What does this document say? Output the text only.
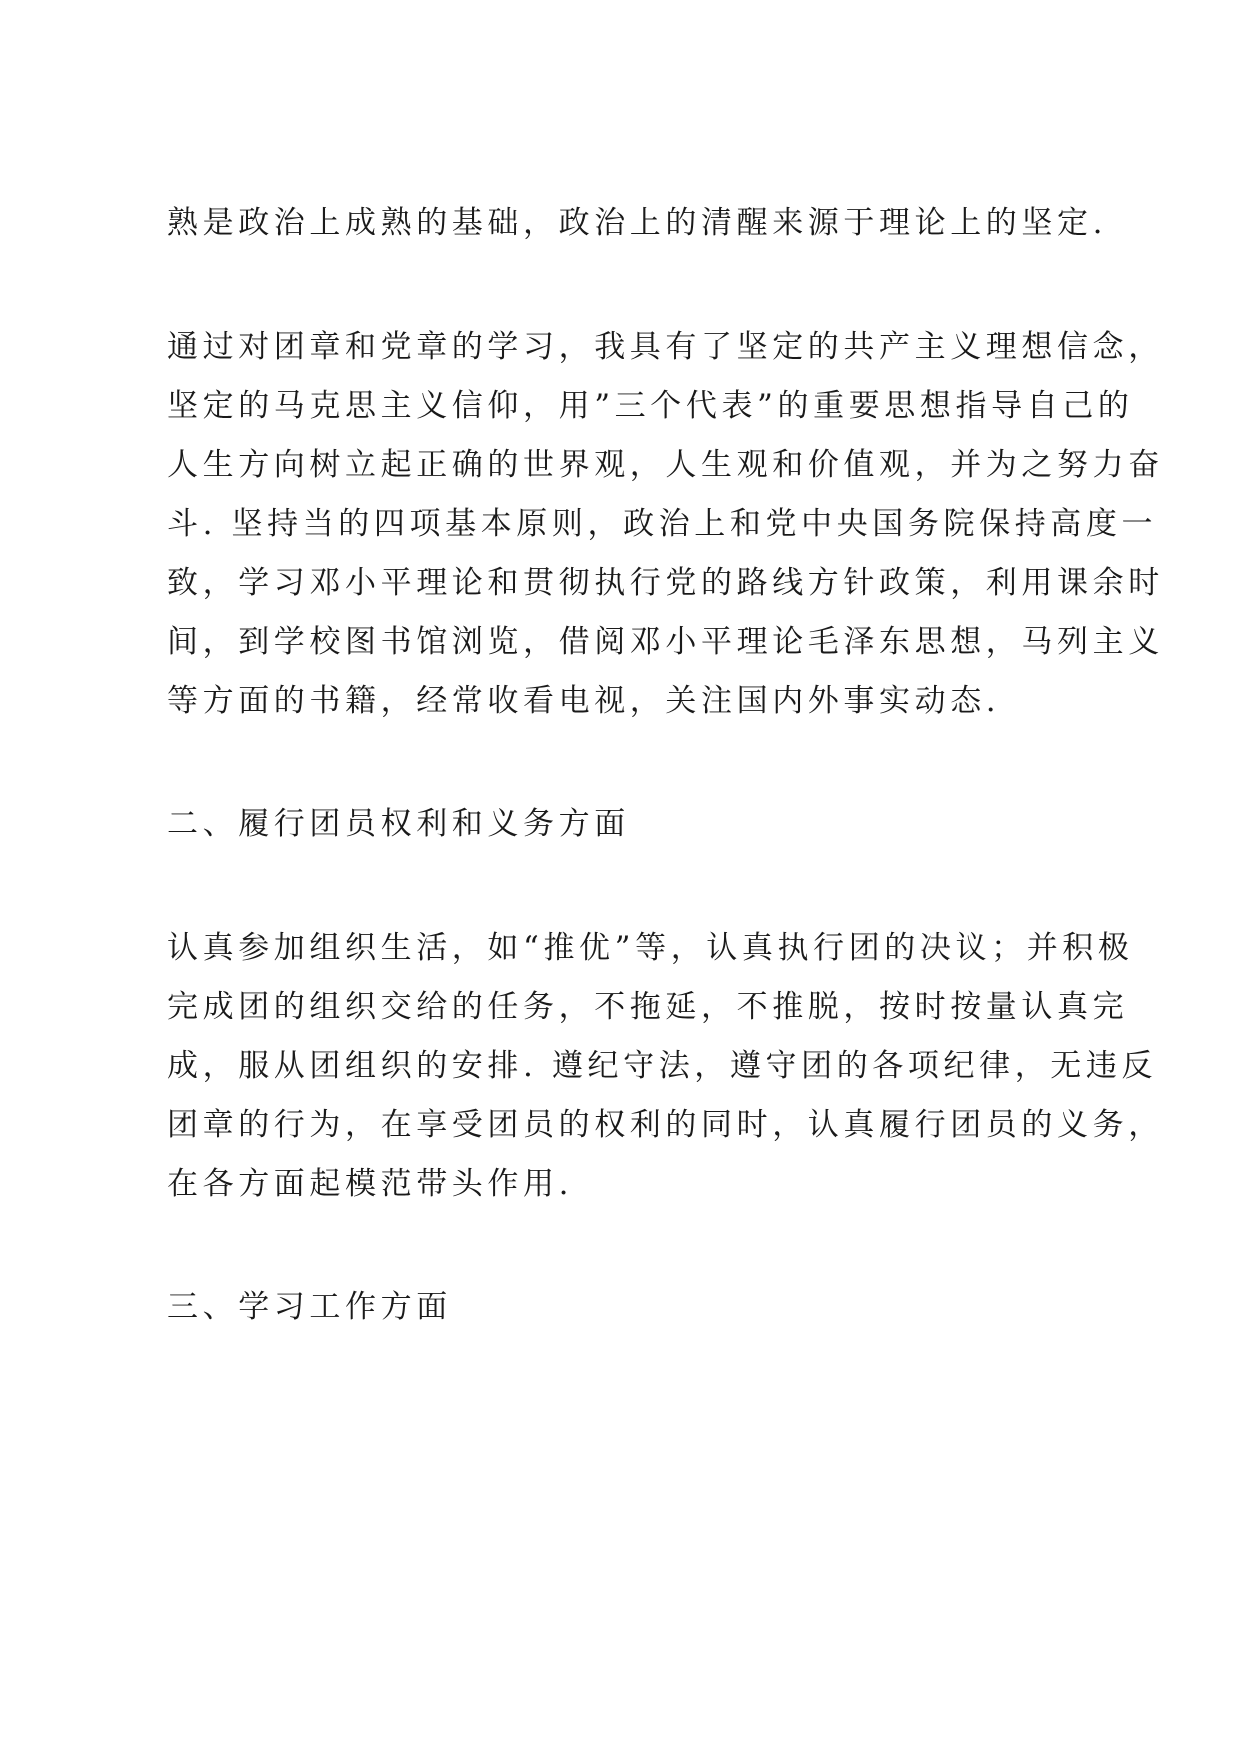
熟是政治上成熟的基础，政治上的清醒来源于理论上的坚定.

通过对团章和党章的学习，我具有了坚定的共产主义理想信念，

坚定的马克思主义信仰，用”三个代表”的重要思想指导自己的

人生方向树立起正确的世界观，人生观和价值观，并为之努力奋

斗. 坚持当的四项基本原则，政治上和党中央国务院保持高度一

致，学习邓小平理论和贯彻执行党的路线方针政策，利用课余时

间，到学校图书馆浏览，借阅邓小平理论毛泽东思想，马列主义

等方面的书籍，经常收看电视，关注国内外事实动态.

二、履行团员权利和义务方面

认真参加组织生活，如“推优”等，认真执行团的决议；并积极

完成团的组织交给的任务，不拖延，不推脱，按时按量认真完

成，服从团组织的安排. 遵纪守法，遵守团的各项纪律，无违反

团章的行为，在享受团员的权利的同时，认真履行团员的义务，

在各方面起模范带头作用.

三、学习工作方面
